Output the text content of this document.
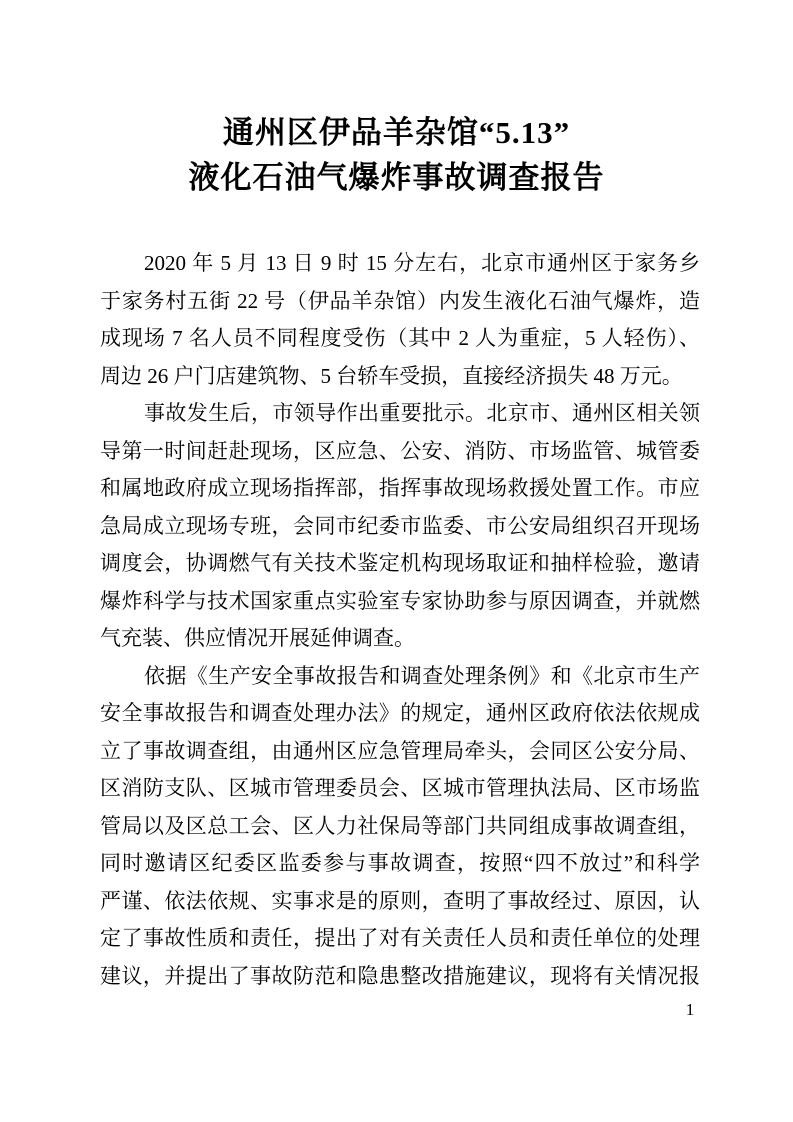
通州区伊品羊杂馆“5.13”
液化石油气爆炸事故调查报告
2020 年 5 月 13 日 9 时 15 分左右，北京市通州区于家务乡
于家务村五街 22 号（伊品羊杂馆）内发生液化石油气爆炸，造
成现场 7 名人员不同程度受伤（其中 2 人为重症，5 人轻伤）、
周边 26 户门店建筑物、5 台轿车受损，直接经济损失 48 万元。
事故发生后，市领导作出重要批示。北京市、通州区相关领
导第一时间赶赴现场，区应急、公安、消防、市场监管、城管委
和属地政府成立现场指挥部，指挥事故现场救援处置工作。市应
急局成立现场专班，会同市纪委市监委、市公安局组织召开现场
调度会，协调燃气有关技术鉴定机构现场取证和抽样检验，邀请
爆炸科学与技术国家重点实验室专家协助参与原因调查，并就燃
气充装、供应情况开展延伸调查。
依据《生产安全事故报告和调查处理条例》和《北京市生产
安全事故报告和调查处理办法》的规定，通州区政府依法依规成
立了事故调查组，由通州区应急管理局牵头，会同区公安分局、
区消防支队、区城市管理委员会、区城市管理执法局、区市场监
管局以及区总工会、区人力社保局等部门共同组成事故调查组，
同时邀请区纪委区监委参与事故调查，按照“四不放过”和科学
严谨、依法依规、实事求是的原则，查明了事故经过、原因，认
定了事故性质和责任，提出了对有关责任人员和责任单位的处理
建议，并提出了事故防范和隐患整改措施建议，现将有关情况报
1
